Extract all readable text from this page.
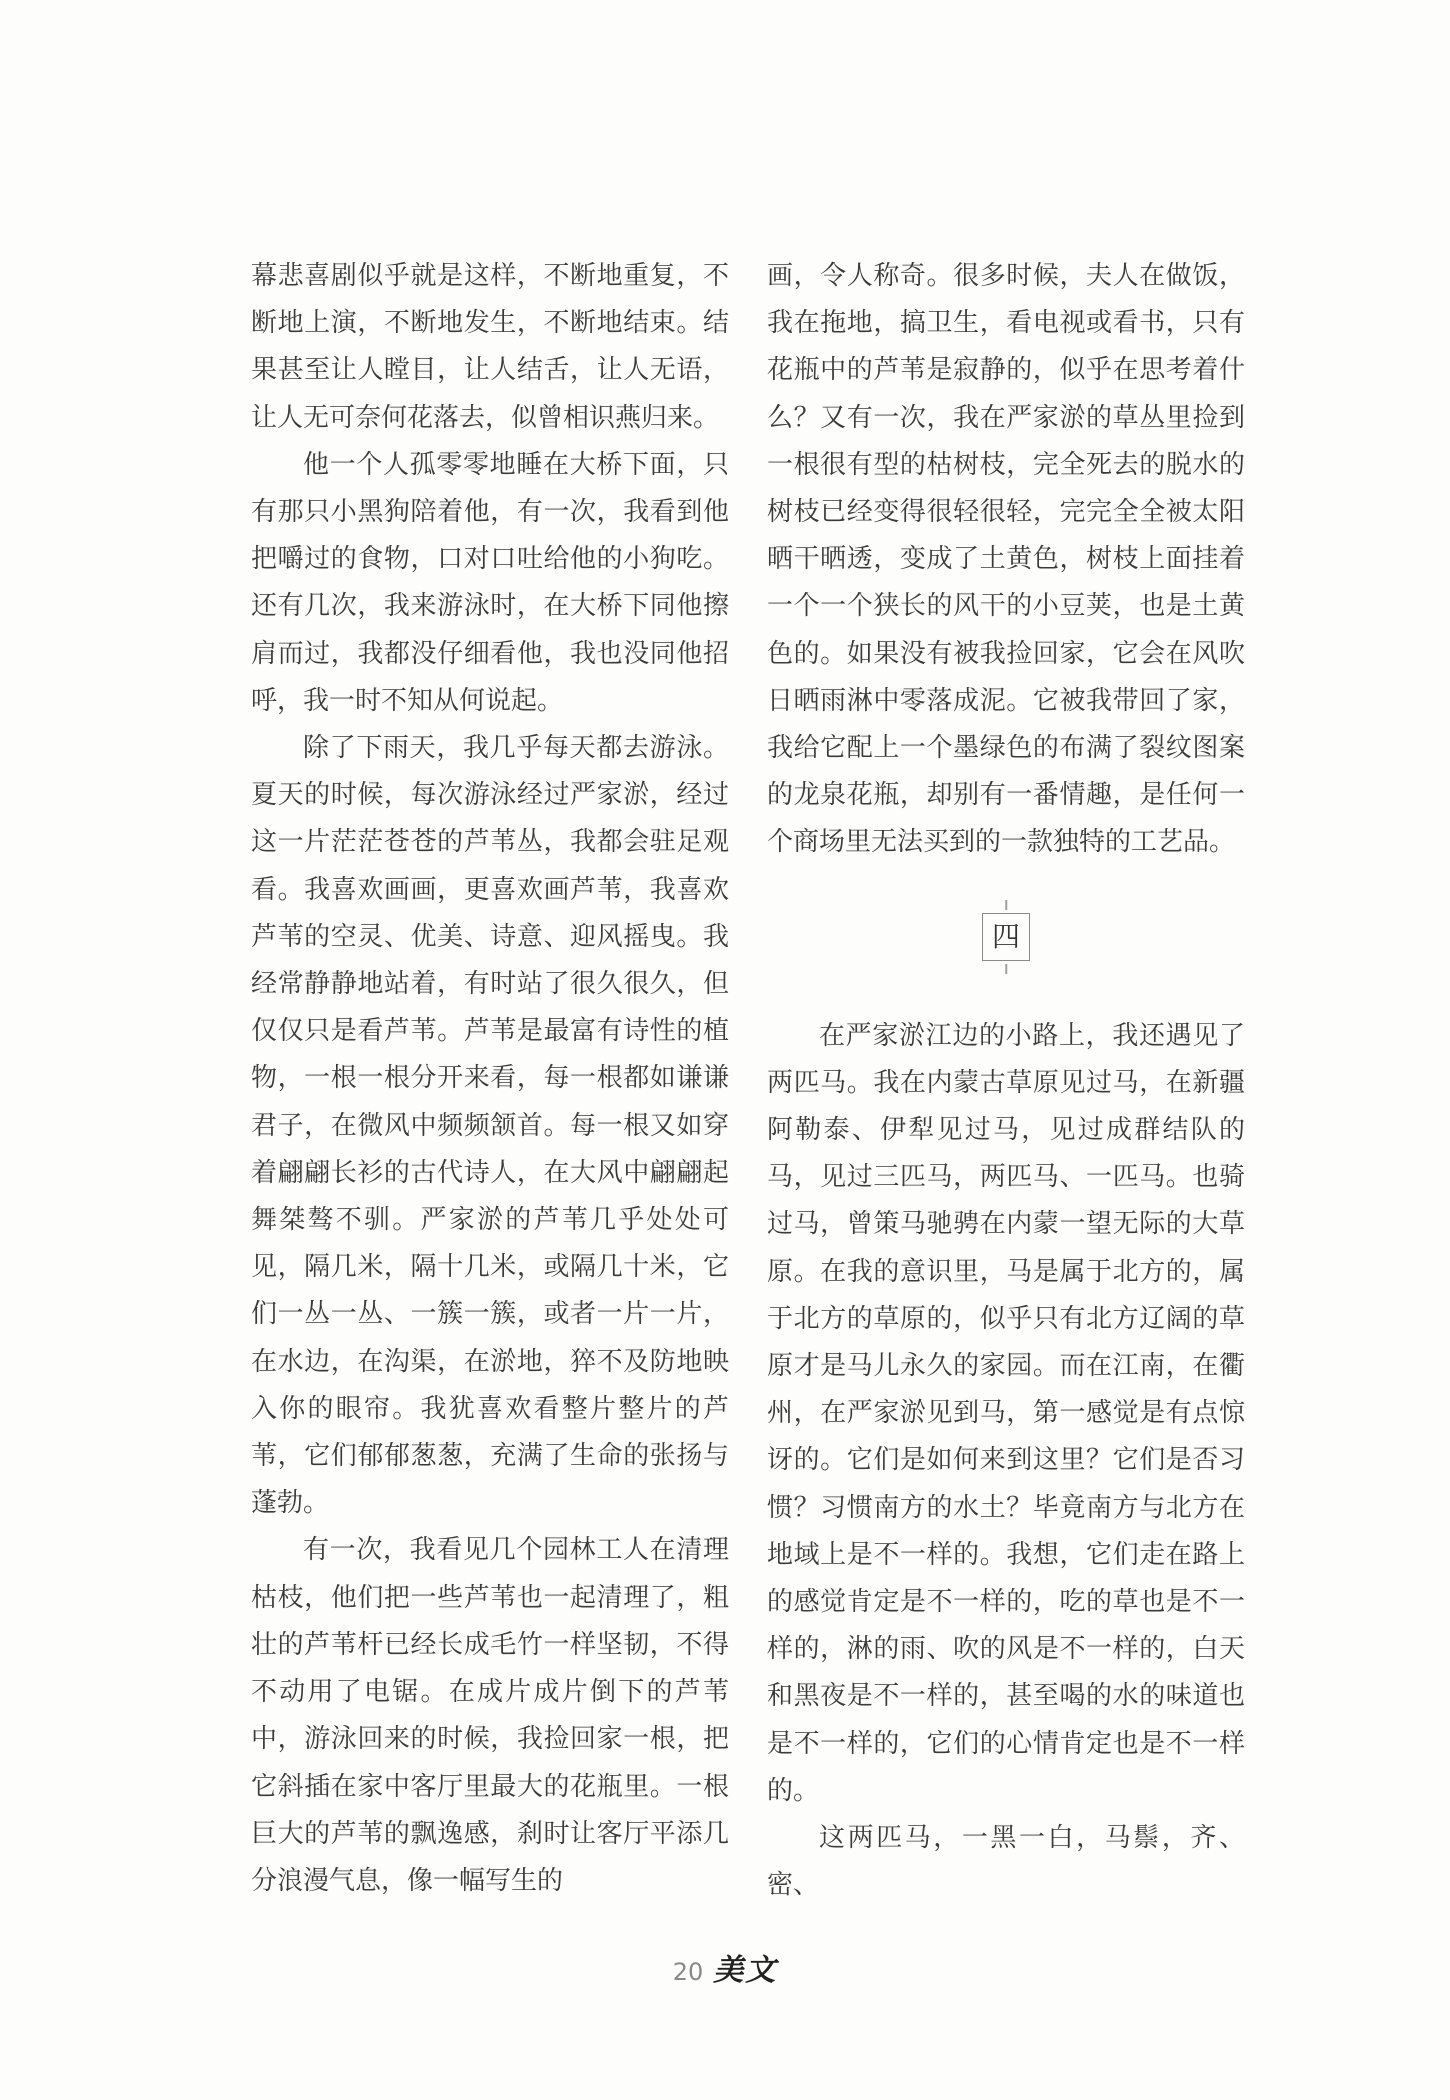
幕悲喜剧似乎就是这样，不断地重复，不断地上演，不断地发生，不断地结束。结果甚至让人瞠目，让人结舌，让人无语，让人无可奈何花落去，似曾相识燕归来。

他一个人孤零零地睡在大桥下面，只有那只小黑狗陪着他，有一次，我看到他把嚼过的食物，口对口吐给他的小狗吃。还有几次，我来游泳时，在大桥下同他擦肩而过，我都没仔细看他，我也没同他招呼，我一时不知从何说起。

除了下雨天，我几乎每天都去游泳。夏天的时候，每次游泳经过严家淤，经过这一片茫茫苍苍的芦苇丛，我都会驻足观看。我喜欢画画，更喜欢画芦苇，我喜欢芦苇的空灵、优美、诗意、迎风摇曳。我经常静静地站着，有时站了很久很久，但仅仅只是看芦苇。芦苇是最富有诗性的植物，一根一根分开来看，每一根都如谦谦君子，在微风中频频颔首。每一根又如穿着翩翩长衫的古代诗人，在大风中翩翩起舞桀骜不驯。严家淤的芦苇几乎处处可见，隔几米，隔十几米，或隔几十米，它们一丛一丛、一簇一簇，或者一片一片，在水边，在沟渠，在淤地，猝不及防地映入你的眼帘。我犹喜欢看整片整片的芦苇，它们郁郁葱葱，充满了生命的张扬与蓬勃。

有一次，我看见几个园林工人在清理枯枝，他们把一些芦苇也一起清理了，粗壮的芦苇杆已经长成毛竹一样坚韧，不得不动用了电锯。在成片成片倒下的芦苇中，游泳回来的时候，我捡回家一根，把它斜插在家中客厅里最大的花瓶里。一根巨大的芦苇的飘逸感，刹时让客厅平添几分浪漫气息，像一幅写生的

画，令人称奇。很多时候，夫人在做饭，我在拖地，搞卫生，看电视或看书，只有花瓶中的芦苇是寂静的，似乎在思考着什么？又有一次，我在严家淤的草丛里捡到一根很有型的枯树枝，完全死去的脱水的树枝已经变得很轻很轻，完完全全被太阳晒干晒透，变成了土黄色，树枝上面挂着一个一个狭长的风干的小豆荚，也是土黄色的。如果没有被我捡回家，它会在风吹日晒雨淋中零落成泥。它被我带回了家，我给它配上一个墨绿色的布满了裂纹图案的龙泉花瓶，却别有一番情趣，是任何一个商场里无法买到的一款独特的工艺品。

四

在严家淤江边的小路上，我还遇见了两匹马。我在内蒙古草原见过马，在新疆阿勒泰、伊犁见过马，见过成群结队的马，见过三匹马，两匹马、一匹马。也骑过马，曾策马驰骋在内蒙一望无际的大草原。在我的意识里，马是属于北方的，属于北方的草原的，似乎只有北方辽阔的草原才是马儿永久的家园。而在江南，在衢州，在严家淤见到马，第一感觉是有点惊讶的。它们是如何来到这里？它们是否习惯？习惯南方的水土？毕竟南方与北方在地域上是不一样的。我想，它们走在路上的感觉肯定是不一样的，吃的草也是不一样的，淋的雨、吹的风是不一样的，白天和黑夜是不一样的，甚至喝的水的味道也是不一样的，它们的心情肯定也是不一样的。

这两匹马，一黑一白，马鬃，齐、密、

20 美文
